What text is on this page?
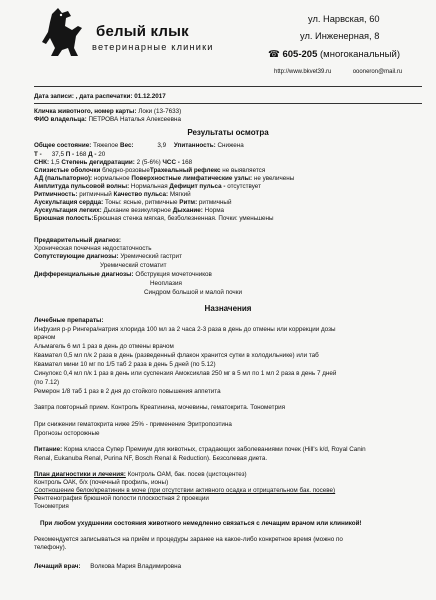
белый клык
ветеринарные клиники
ул. Нарвская, 60
ул. Инженерная, 8
☎ 605-205 (многоканальный)
http://www.bkvet39.ru	oooneron@mail.ru
Дата записи: , дата распечатки: 01.12.2017
Кличка животного, номер карты: Локи (13-7633)
ФИО владельца: ПЕТРОВА Наталья Алексеевна
Результаты осмотра
Общее состояние: Тяжелое Вес:	3,9 Упитанность: Снижена
T - 37,5 П - 168 Д - 20
СНК: 1,5 Степень дегидратации: 2 (5-6%) ЧСС - 168
Слизистые оболочки бледно-розовыеТрахеальный рефлекс не выявляется
АД (пальпаторно): нормальное Поверхностные лимфатические узлы: не увеличены
Амплитуда пульсовой волны: Нормальная Дефицит пульса - отсутствует
Ритмичность: ритмичный Качество пульса: Мягкий
Аускультация сердца: Тоны: ясные, ритмичные Ритм: ритмичный
Аускультация легких: Дыхание везикулярное Дыхание: Норма
Брюшная полость:Брюшная стенка мягкая, безболезненная. Почки: уменьшены
Предварительный диагноз:
Хроническая почечная недостаточность
Сопутствующие диагнозы: Уремический гастрит
Уремический стоматит
Дифференциальные диагнозы: Обструкция мочеточников
Неоплазия
Синдром большой и малой почки
Назначения
Лечебные препараты:
Инфузия р-р Рингера/натрия хлорида 100 мл за 2 часа 2-3 раза в день до отмены или коррекции дозы
врачом
Альмагель 6 мл 1 раз в день до отмены врачом
Квамател 0,5 мл п/к 2 раза в день (разведенный флакон хранится сутки в холодильнике) или таб
Квамател мини 10 мг по 1/5 таб 2 раза в день 5 дней (по 5.12)
Синулокс 0,4 мл п/к 1 раз в день или суспензия Амоксиклав 250 мг в 5 мл по 1 мл 2 раза в день 7 дней
(по 7.12)
Ремерон 1/8 таб 1 раз в 2 дня до стойкого повышения аппетита
Завтра повторный прием. Контроль Креатинина, мочевины, гематокрита. Тонометрия
При снижении гематокрита ниже 25% - применение Эритропоэтина
Прогнозы осторожные
Питание: Корма класса Супер Премиум для животных, страдающих заболеваниями почек (Hill's k/d, Royal Canin
Renal, Eukanuba Renal, Purina NF, Bosch Renal & Reduction). Безсолевая диета.
План диагностики и лечения: Контроль ОАМ, бак. посев (цистоцентез)
Контроль ОАК, б/х (почечный профиль, ионы)
Соотношение белок/креатинин в моче (при отсутствии активного осадка и отрицательном бак. посеве)
Рентгенография брюшной полости плоскостная 2 проекции
Тонометрия
При любом ухудшении состояния животного немедленно связаться с лечащим врачом или клиникой!
Рекомендуется записываться на приём и процедуры заранее на какое-либо конкретное время (можно по
телефону).
Лечащий врач: Волкова Мария Владимировна
